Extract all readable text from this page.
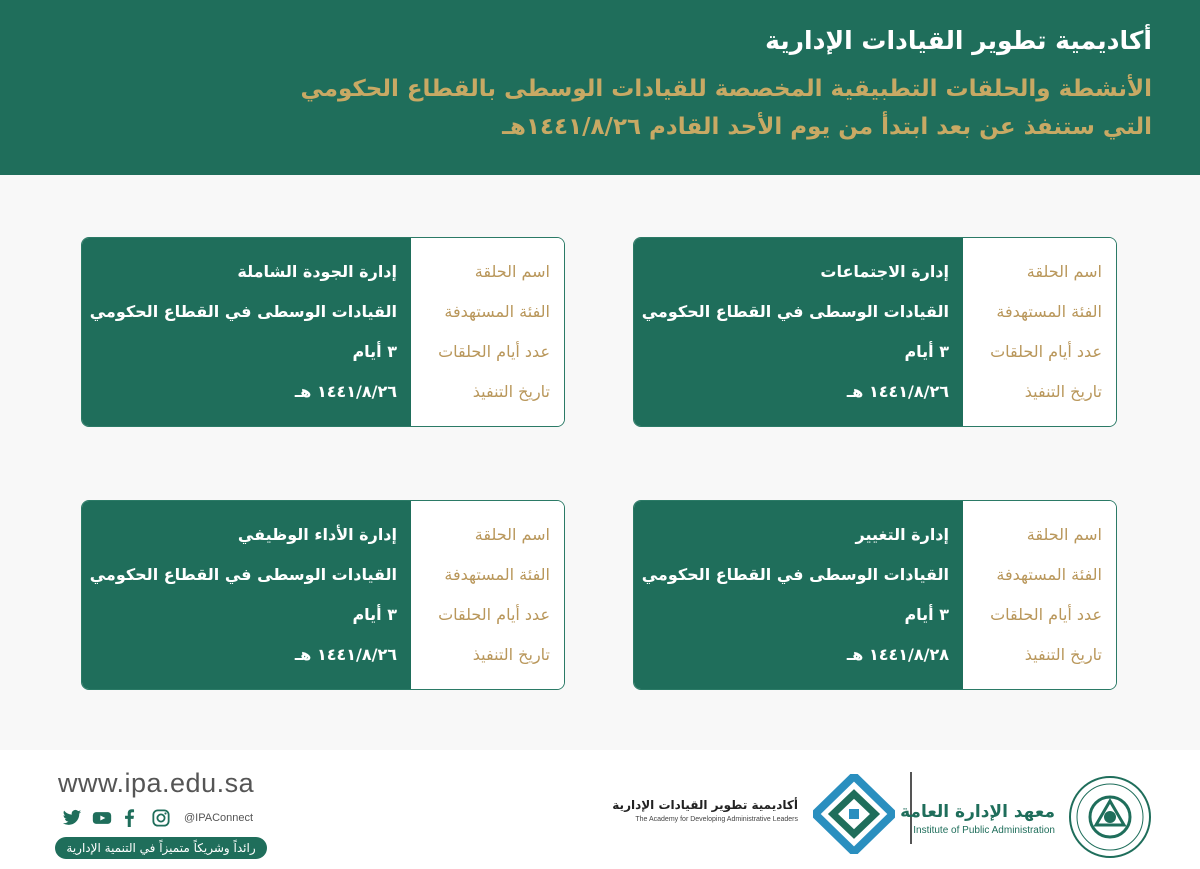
أكاديمية تطوير القيادات الإدارية
الأنشطة والحلقات التطبيقية المخصصة للقيادات الوسطى بالقطاع الحكومي
التي ستنفذ عن بعد ابتدأ من يوم الأحد القادم ١٤٤١/٨/٢٦هـ
اسم الحلقة
الفئة المستهدفة
عدد أيام الحلقات
تاريخ التنفيذ
إدارة الاجتماعات
القيادات الوسطى في القطاع الحكومي
٣ أيام
١٤٤١/٨/٢٦ هـ
اسم الحلقة
الفئة المستهدفة
عدد أيام الحلقات
تاريخ التنفيذ
إدارة الجودة الشاملة
القيادات الوسطى في القطاع الحكومي
٣ أيام
١٤٤١/٨/٢٦ هـ
اسم الحلقة
الفئة المستهدفة
عدد أيام الحلقات
تاريخ التنفيذ
إدارة التغيير
القيادات الوسطى في القطاع الحكومي
٣ أيام
١٤٤١/٨/٢٨ هـ
اسم الحلقة
الفئة المستهدفة
عدد أيام الحلقات
تاريخ التنفيذ
إدارة الأداء الوظيفي
القيادات الوسطى في القطاع الحكومي
٣ أيام
١٤٤١/٨/٢٦ هـ
www.ipa.edu.sa
@IPAConnect
رائداً وشريكاً متميزاً في التنمية الإدارية
أكاديمية تطوير القيادات الإدارية
The Academy for Developing Administrative Leaders	معهد الإدارة العامة
Institute of Public Administration
